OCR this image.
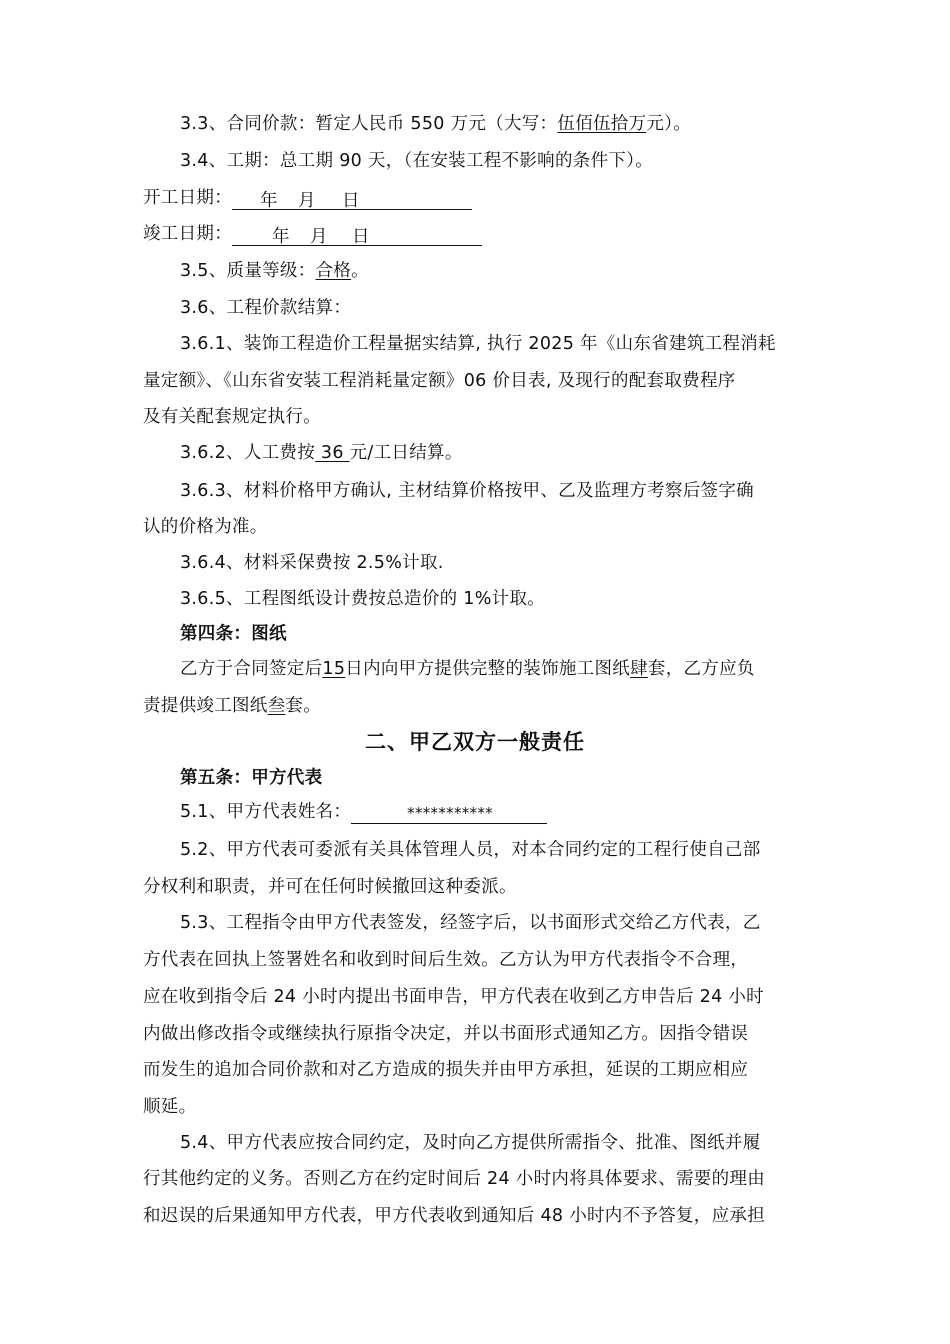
3.3、合同价款：暂定人民币 550 万元（大写：伍佰伍拾万元）。
3.4、工期：总工期 90 天，（在安装工程不影响的条件下）。
开工日期： 年 月 日
竣工日期： 年 月 日
3.5、质量等级：合格。
3.6、工程价款结算：
3.6.1、装饰工程造价工程量据实结算, 执行 2025 年《山东省建筑工程消耗
量定额》、《山东省安装工程消耗量定额》06 价目表, 及现行的配套取费程序
及有关配套规定执行。
3.6.2、人工费按 36 元/工日结算。
3.6.3、材料价格甲方确认, 主材结算价格按甲、乙及监理方考察后签字确
认的价格为准。
3.6.4、材料采保费按 2.5%计取.
3.6.5、工程图纸设计费按总造价的 1%计取。
第四条：图纸
乙方于合同签定后15日内向甲方提供完整的装饰施工图纸肆套，乙方应负
责提供竣工图纸叁套。
二、甲乙双方一般责任
第五条：甲方代表
5.1、甲方代表姓名：	***********
5.2、甲方代表可委派有关具体管理人员，对本合同约定的工程行使自己部
分权利和职责，并可在任何时候撤回这种委派。
5.3、工程指令由甲方代表签发，经签字后，以书面形式交给乙方代表，乙
方代表在回执上签署姓名和收到时间后生效。乙方认为甲方代表指令不合理，
应在收到指令后 24 小时内提出书面申告，甲方代表在收到乙方申告后 24 小时
内做出修改指令或继续执行原指令决定，并以书面形式通知乙方。因指令错误
而发生的追加合同价款和对乙方造成的损失并由甲方承担，延误的工期应相应
顺延。
5.4、甲方代表应按合同约定，及时向乙方提供所需指令、批准、图纸并履
行其他约定的义务。否则乙方在约定时间后 24 小时内将具体要求、需要的理由
和迟误的后果通知甲方代表，甲方代表收到通知后 48 小时内不予答复，应承担
